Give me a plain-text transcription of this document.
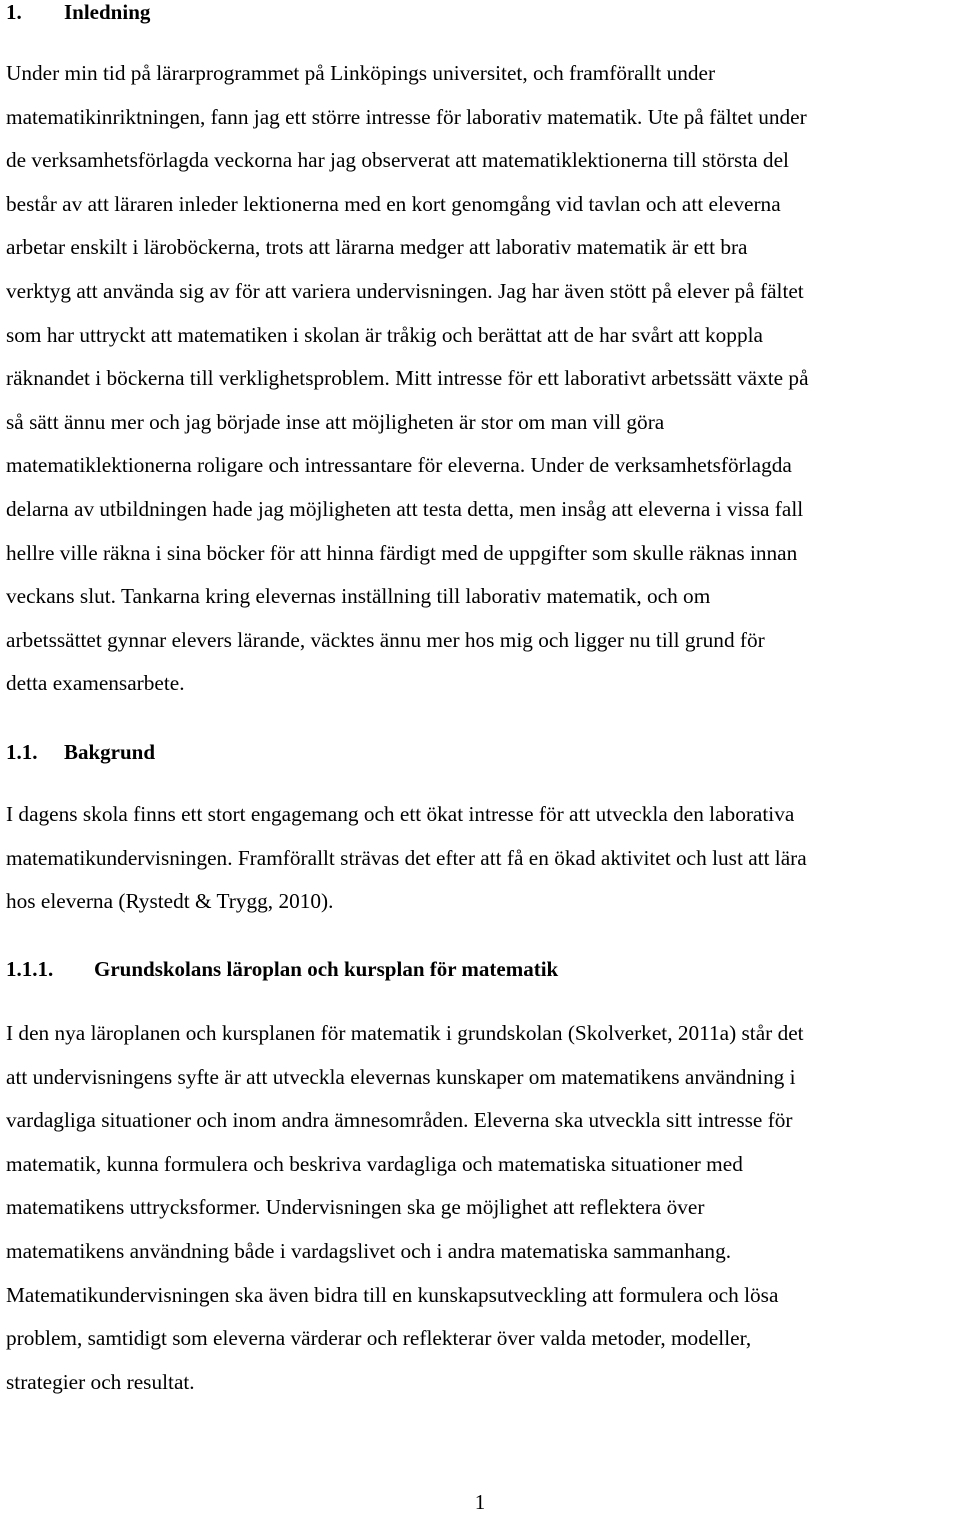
1. Inledning
Under min tid på lärarprogrammet på Linköpings universitet, och framförallt under
matematikinriktningen, fann jag ett större intresse för laborativ matematik. Ute på fältet under
de verksamhetsförlagda veckorna har jag observerat att matematiklektionerna till största del
består av att läraren inleder lektionerna med en kort genomgång vid tavlan och att eleverna
arbetar enskilt i läroböckerna, trots att lärarna medger att laborativ matematik är ett bra
verktyg att använda sig av för att variera undervisningen. Jag har även stött på elever på fältet
som har uttryckt att matematiken i skolan är tråkig och berättat att de har svårt att koppla
räknandet i böckerna till verklighetsproblem. Mitt intresse för ett laborativt arbetssätt växte på
så sätt ännu mer och jag började inse att möjligheten är stor om man vill göra
matematiklektionerna roligare och intressantare för eleverna. Under de verksamhetsförlagda
delarna av utbildningen hade jag möjligheten att testa detta, men insåg att eleverna i vissa fall
hellre ville räkna i sina böcker för att hinna färdigt med de uppgifter som skulle räknas innan
veckans slut. Tankarna kring elevernas inställning till laborativ matematik, och om
arbetssättet gynnar elevers lärande, väcktes ännu mer hos mig och ligger nu till grund för
detta examensarbete.
1.1. Bakgrund
I dagens skola finns ett stort engagemang och ett ökat intresse för att utveckla den laborativa
matematikundervisningen. Framförallt strävas det efter att få en ökad aktivitet och lust att lära
hos eleverna (Rystedt & Trygg, 2010).
1.1.1. Grundskolans läroplan och kursplan för matematik
I den nya läroplanen och kursplanen för matematik i grundskolan (Skolverket, 2011a) står det
att undervisningens syfte är att utveckla elevernas kunskaper om matematikens användning i
vardagliga situationer och inom andra ämnesområden. Eleverna ska utveckla sitt intresse för
matematik, kunna formulera och beskriva vardagliga och matematiska situationer med
matematikens uttrycksformer. Undervisningen ska ge möjlighet att reflektera över
matematikens användning både i vardagslivet och i andra matematiska sammanhang.
Matematikundervisningen ska även bidra till en kunskapsutveckling att formulera och lösa
problem, samtidigt som eleverna värderar och reflekterar över valda metoder, modeller,
strategier och resultat.
1
